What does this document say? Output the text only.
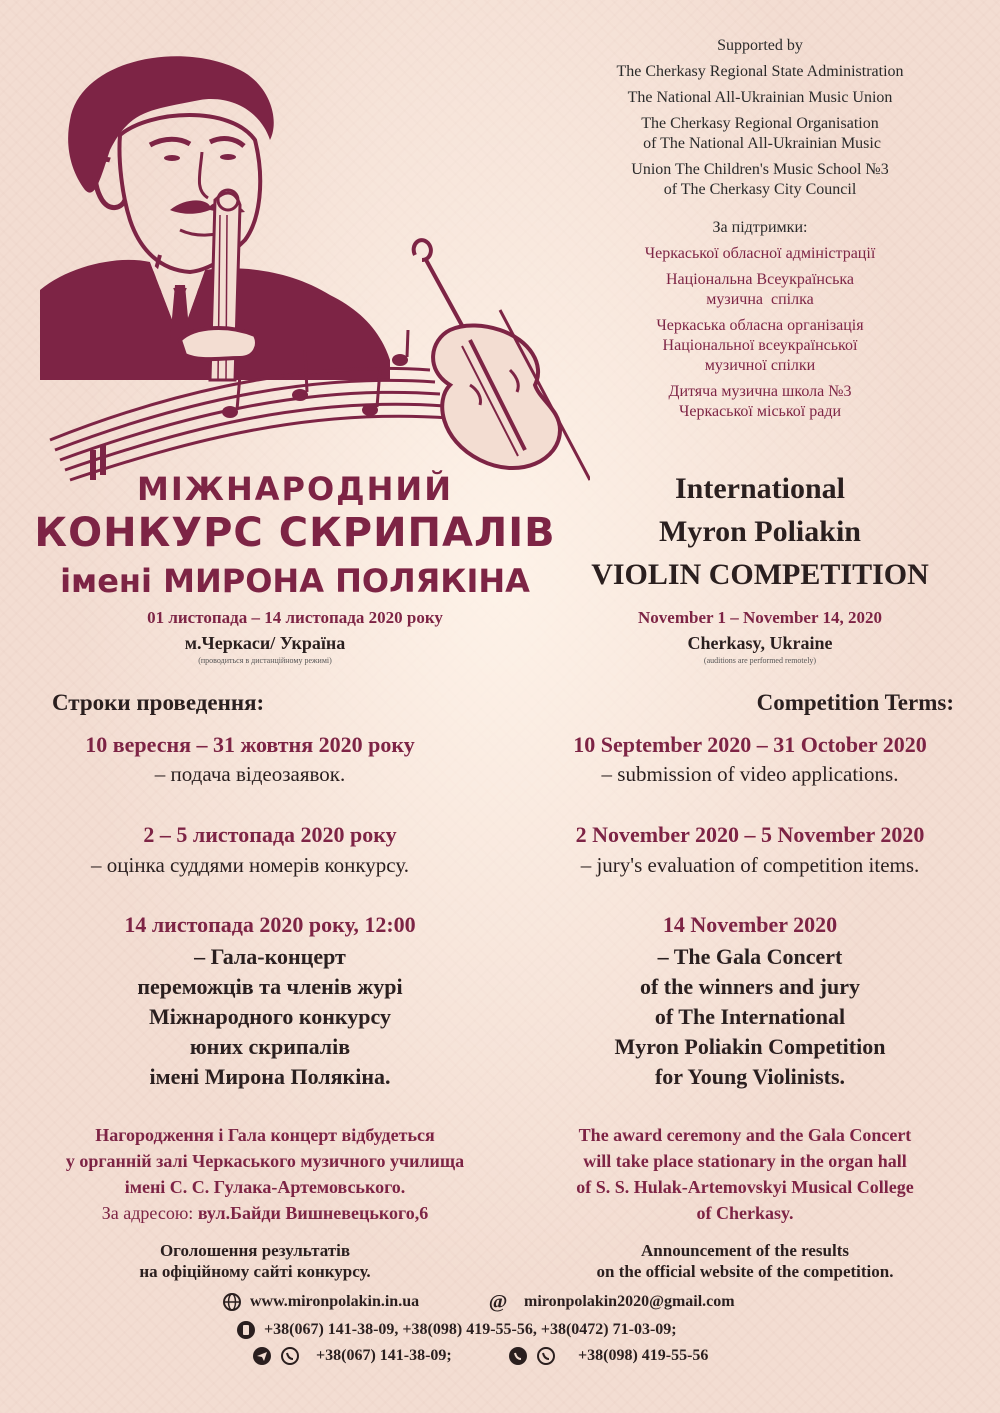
Supported by
The Cherkasy Regional State Administration
The National All-Ukrainian Music Union
The Cherkasy Regional Organisation
of The National All-Ukrainian Music
Union The Children's Music School №3
of The Cherkasy City Council
За підтримки:
Черкаської обласної адміністрації
Національна Всеукраїнська
музична  спілка
Черкаська обласна організація
Національної всеукраїнської
музичної спілки
Дитяча музична школа №3
Черкаської міської ради
МІЖНАРОДНИЙ
КОНКУРС СКРИПАЛІВ
імені МИРОНА ПОЛЯКІНА
International
Myron Poliakin
VIOLIN COMPETITION
01 листопада – 14 листопада 2020 року
м.Черкаси/ Україна
(проводиться в дистанційному режимі)
November 1 – November 14, 2020
Cherkasy, Ukraine
(auditions are performed remotely)
Строки проведення:
10 вересня – 31 жовтня 2020 року
– подача відеозаявок.
2 – 5 листопада 2020 року
– оцінка суддями номерів конкурсу.
14 листопада 2020 року, 12:00
– Гала-концерт
переможців та членів журі
Міжнародного конкурсу
юних скрипалів
імені Мирона Полякіна.
Competition Terms:
10 September 2020 – 31 October 2020
– submission of video applications.
2 November 2020 – 5 November 2020
– jury's evaluation of competition items.
14 November 2020
– The Gala Concert
of the winners and jury
of The International
Myron Poliakin Competition
for Young Violinists.
Нагородження і Гала концерт відбудеться
у органній залі Черкаського музичного училища
імені С. С. Гулака-Артемовського.
За адресою: вул.Байди Вишневецького,6
The award ceremony and the Gala Concert
will take place stationary in the organ hall
of S. S. Hulak-Artemovskyi Musical College
of Cherkasy.
Оголошення результатів
на офіційному сайті конкурсу.
Announcement of the results
on the official website of the competition.
www.mironpolakin.in.ua	@ mironpolakin2020@gmail.com
+38(067) 141-38-09, +38(098) 419-55-56, +38(0472) 71-03-09;
+38(067) 141-38-09;	+38(098) 419-55-56
